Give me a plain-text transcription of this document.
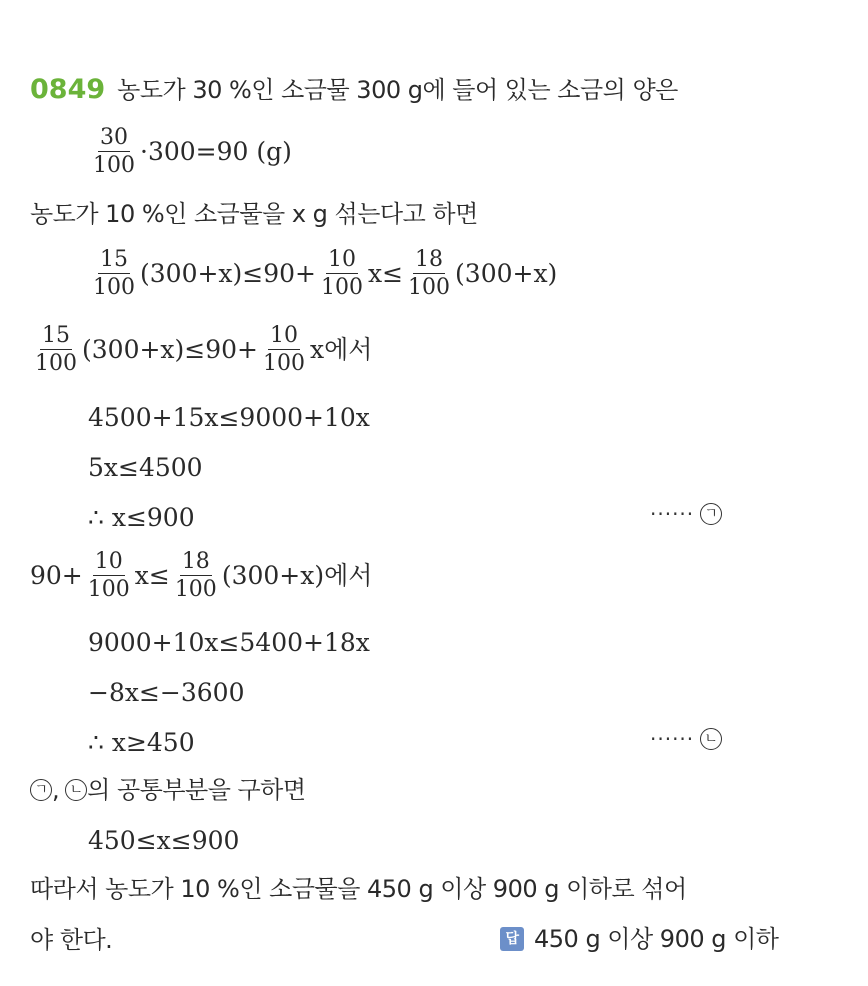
0849 농도가 30 %인 소금물 300 g에 들어 있는 소금의 양은
$\frac{30}{100} \cdot 300=90$ (g)
농도가 10 %인 소금물을 x g 섞는다고 하면
$\frac{15}{100} (300+x)\le 90+ \frac{10}{100} x\le \frac{18}{100} (300+x)$
$\frac{15}{100} (300+x)\le 90+ \frac{10}{100}$ x에서
4500+15x≤9000+10x
5x≤4500
∴ x≤900	······ ㄱ
$90+ \frac{10}{100} x\le \frac{18}{100} (300+x)$에서
9000+10x≤5400+18x
−8x≤−3600
∴ x≥450	······ ㄴ
ㄱ , ㄴ 의 공통부분을 구하면
450≤x≤900
따라서 농도가 10 %인 소금물을 450 g 이상 900 g 이하로 섞어
야 한다.	답 450 g 이상 900 g 이하
